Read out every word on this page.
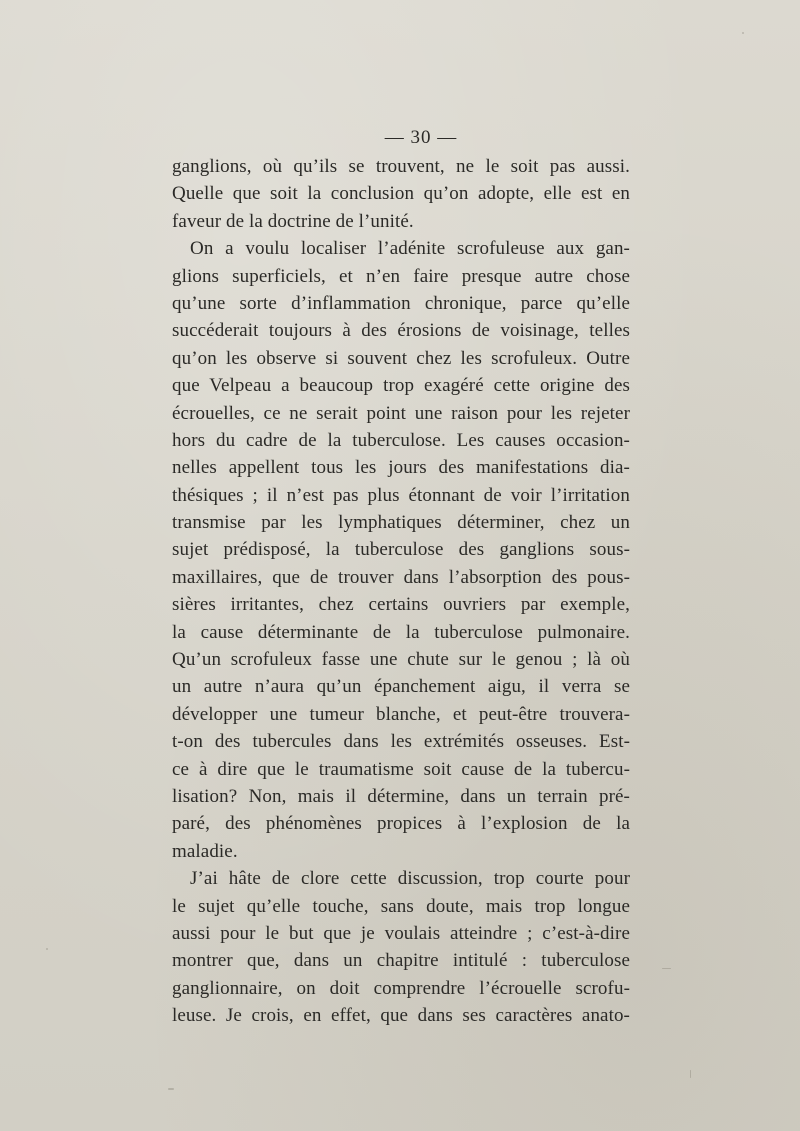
— 30 —
ganglions, où qu’ils se trouvent, ne le soit pas aussi.
Quelle que soit la conclusion qu’on adopte, elle est en
faveur de la doctrine de l’unité.
On a voulu localiser l’adénite scrofuleuse aux gan-
glions superficiels, et n’en faire presque autre chose
qu’une sorte d’inflammation chronique, parce qu’elle
succéderait toujours à des érosions de voisinage, telles
qu’on les observe si souvent chez les scrofuleux. Outre
que Velpeau a beaucoup trop exagéré cette origine des
écrouelles, ce ne serait point une raison pour les rejeter
hors du cadre de la tuberculose. Les causes occasion-
nelles appellent tous les jours des manifestations dia-
thésiques ; il n’est pas plus étonnant de voir l’irritation
transmise par les lymphatiques déterminer, chez un
sujet prédisposé, la tuberculose des ganglions sous-
maxillaires, que de trouver dans l’absorption des pous-
sières irritantes, chez certains ouvriers par exemple,
la cause déterminante de la tuberculose pulmonaire.
Qu’un scrofuleux fasse une chute sur le genou ; là où
un autre n’aura qu’un épanchement aigu, il verra se
développer une tumeur blanche, et peut-être trouvera-
t-on des tubercules dans les extrémités osseuses. Est-
ce à dire que le traumatisme soit cause de la tubercu-
lisation? Non, mais il détermine, dans un terrain pré-
paré, des phénomènes propices à l’explosion de la
maladie.
J’ai hâte de clore cette discussion, trop courte pour
le sujet qu’elle touche, sans doute, mais trop longue
aussi pour le but que je voulais atteindre ; c’est-à-dire
montrer que, dans un chapitre intitulé : tuberculose
ganglionnaire, on doit comprendre l’écrouelle scrofu-
leuse. Je crois, en effet, que dans ses caractères anato-
